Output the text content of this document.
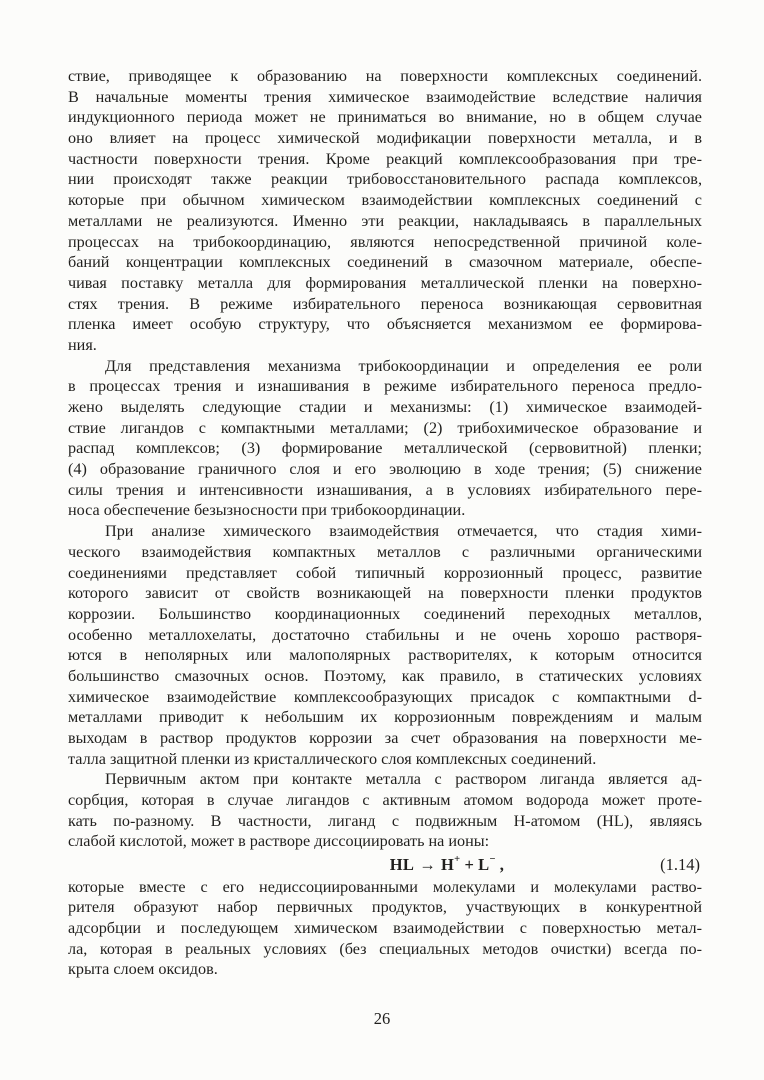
ствие, приводящее к образованию на поверхности комплексных соединений.
В начальные моменты трения химическое взаимодействие вследствие наличия
индукционного периода может не приниматься во внимание, но в общем случае
оно влияет на процесс химической модификации поверхности металла, и в
частности поверхности трения. Кроме реакций комплексообразования при тре-
нии происходят также реакции трибовосстановительного распада комплексов,
которые при обычном химическом взаимодействии комплексных соединений с
металлами не реализуются. Именно эти реакции, накладываясь в параллельных
процессах на трибокоординацию, являются непосредственной причиной коле-
баний концентрации комплексных соединений в смазочном материале, обеспе-
чивая поставку металла для формирования металлической пленки на поверхно-
стях трения. В режиме избирательного переноса возникающая сервовитная
пленка имеет особую структуру, что объясняется механизмом ее формирова-
ния.
Для представления механизма трибокоординации и определения ее роли
в процессах трения и изнашивания в режиме избирательного переноса предло-
жено выделять следующие стадии и механизмы: (1) химическое взаимодей-
ствие лигандов с компактными металлами; (2) трибохимическое образование и
распад комплексов; (3) формирование металлической (сервовитной) пленки;
(4) образование граничного слоя и его эволюцию в ходе трения; (5) снижение
силы трения и интенсивности изнашивания, а в условиях избирательного пере-
носа обеспечение безызносности при трибокоординации.
При анализе химического взаимодействия отмечается, что стадия хими-
ческого взаимодействия компактных металлов с различными органическими
соединениями представляет собой типичный коррозионный процесс, развитие
которого зависит от свойств возникающей на поверхности пленки продуктов
коррозии. Большинство координационных соединений переходных металлов,
особенно металлохелаты, достаточно стабильны и не очень хорошо растворя-
ются в неполярных или малополярных растворителях, к которым относится
большинство смазочных основ. Поэтому, как правило, в статических условиях
химическое взаимодействие комплексообразующих присадок с компактными d-
металлами приводит к небольшим их коррозионным повреждениям и малым
выходам в раствор продуктов коррозии за счет образования на поверхности ме-
талла защитной пленки из кристаллического слоя комплексных соединений.
Первичным актом при контакте металла с раствором лиганда является ад-
сорбция, которая в случае лигандов с активным атомом водорода может проте-
кать по-разному. В частности, лиганд с подвижным Н-атомом (HL), являясь
слабой кислотой, может в растворе диссоциировать на ионы:
HL → H+ + L− ,	(1.14)
которые вместе с его недиссоциированными молекулами и молекулами раство-
рителя образуют набор первичных продуктов, участвующих в конкурентной
адсорбции и последующем химическом взаимодействии с поверхностью метал-
ла, которая в реальных условиях (без специальных методов очистки) всегда по-
крыта слоем оксидов.
26
